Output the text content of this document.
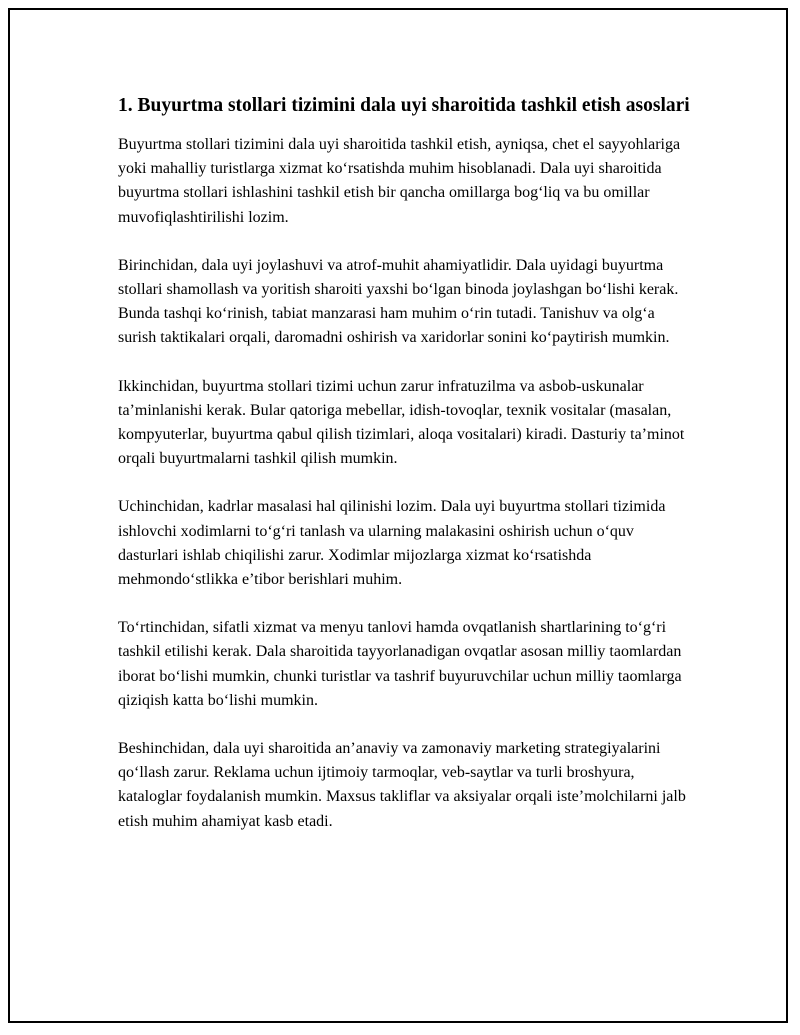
1. Buyurtma stollari tizimini dala uyi sharoitida tashkil etish asoslari

Buyurtma stollari tizimini dala uyi sharoitida tashkil etish, ayniqsa, chet el sayyohlariga yoki mahalliy turistlarga xizmat ko‘rsatishda muhim hisoblanadi. Dala uyi sharoitida buyurtma stollari ishlashini tashkil etish bir qancha omillarga bog‘liq va bu omillar muvofiqlashtirilishi lozim.

Birinchidan, dala uyi joylashuvi va atrof-muhit ahamiyatlidir. Dala uyidagi buyurtma stollari shamollash va yoritish sharoiti yaxshi bo‘lgan binoda joylashgan bo‘lishi kerak. Bunda tashqi ko‘rinish, tabiat manzarasi ham muhim o‘rin tutadi. Tanishuv va olg‘a surish taktikalari orqali, daromadni oshirish va xaridorlar sonini ko‘paytirish mumkin.

Ikkinchidan, buyurtma stollari tizimi uchun zarur infratuzilma va asbob-uskunalar ta’minlanishi kerak. Bular qatoriga mebellar, idish-tovoqlar, texnik vositalar (masalan, kompyuterlar, buyurtma qabul qilish tizimlari, aloqa vositalari) kiradi. Dasturiy ta’minot orqali buyurtmalarni tashkil qilish mumkin.

Uchinchidan, kadrlar masalasi hal qilinishi lozim. Dala uyi buyurtma stollari tizimida ishlovchi xodimlarni to‘g‘ri tanlash va ularning malakasini oshirish uchun o‘quv dasturlari ishlab chiqilishi zarur. Xodimlar mijozlarga xizmat ko‘rsatishda mehmondo‘stlikka e’tibor berishlari muhim.

To‘rtinchidan, sifatli xizmat va menyu tanlovi hamda ovqatlanish shartlarining to‘g‘ri tashkil etilishi kerak. Dala sharoitida tayyorlanadigan ovqatlar asosan milliy taomlardan iborat bo‘lishi mumkin, chunki turistlar va tashrif buyuruvchilar uchun milliy taomlarga qiziqish katta bo‘lishi mumkin.

Beshinchidan, dala uyi sharoitida an’anaviy va zamonaviy marketing strategiyalarini qo‘llash zarur. Reklama uchun ijtimoiy tarmoqlar, veb-saytlar va turli broshyura, kataloglar foydalanish mumkin. Maxsus takliflar va aksiyalar orqali iste’molchilarni jalb etish muhim ahamiyat kasb etadi.
